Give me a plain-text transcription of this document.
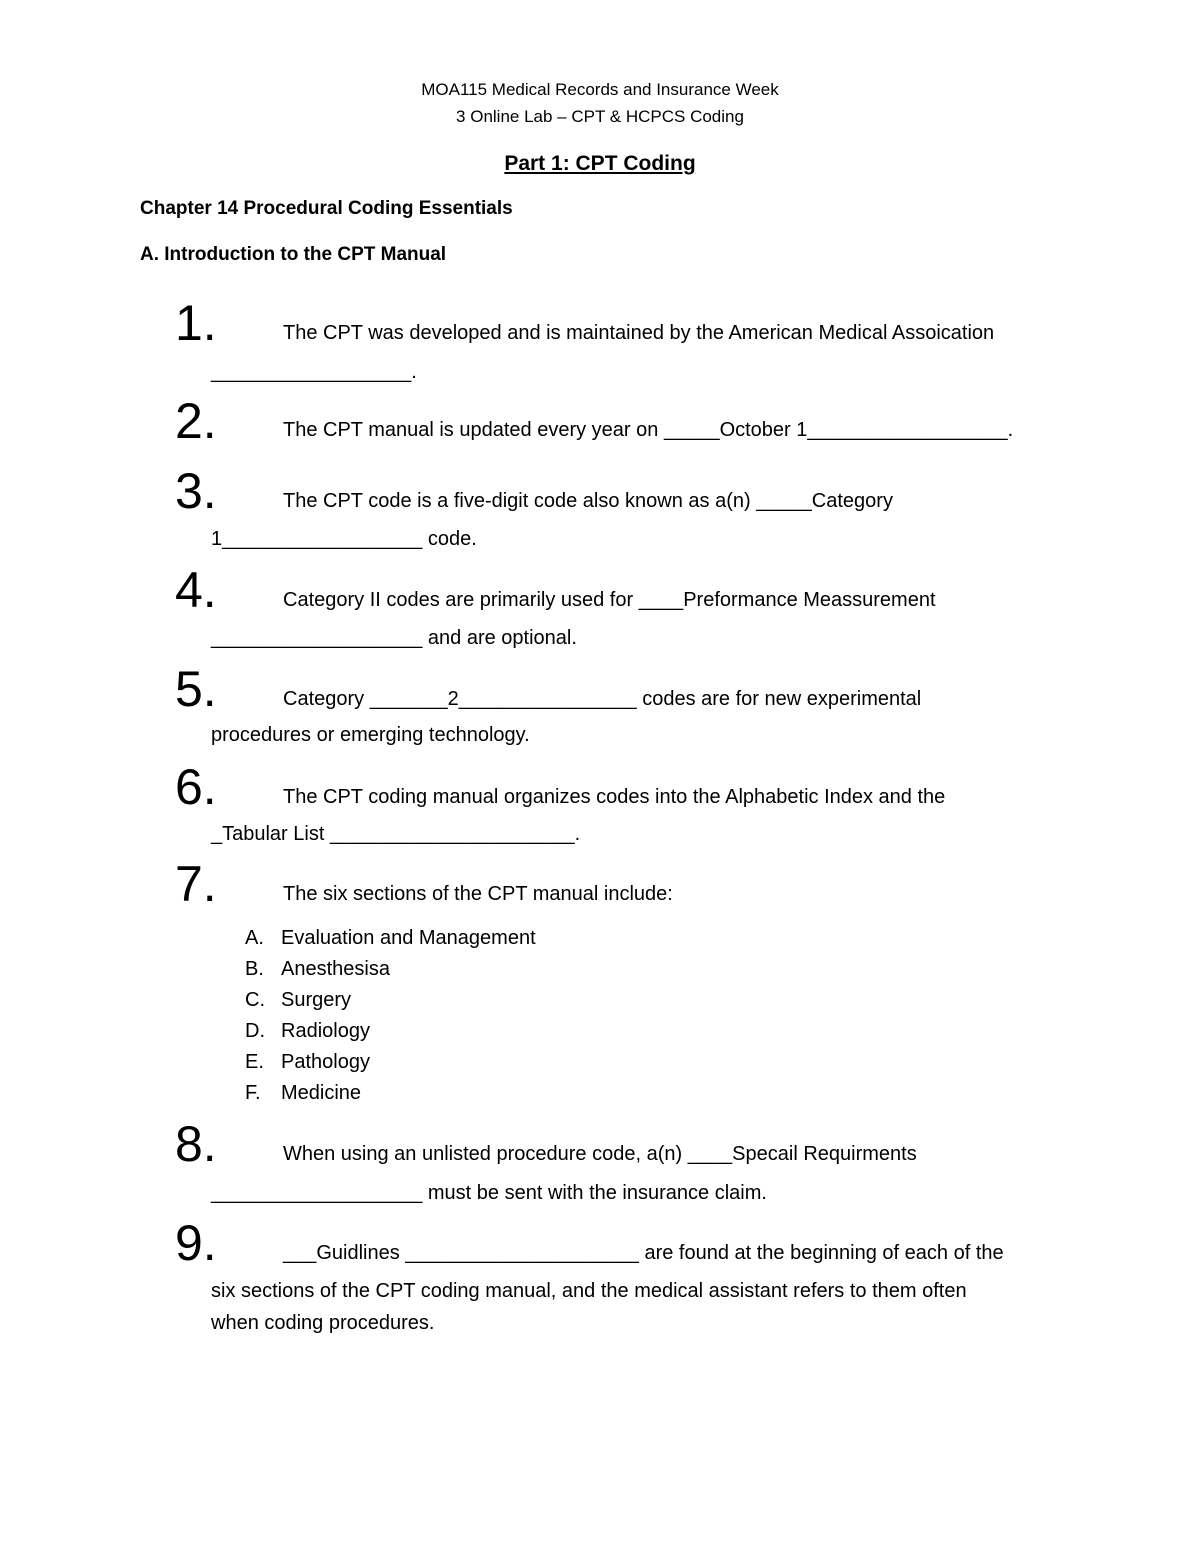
MOA115 Medical Records and Insurance Week
3 Online Lab – CPT & HCPCS Coding
Part 1: CPT Coding
Chapter 14 Procedural Coding Essentials
A. Introduction to the CPT Manual
1.	The CPT was developed and is maintained by the American Medical Assoication
__________________.
2.	The CPT manual is updated every year on _____October 1__________________.
3.	The CPT code is a five-digit code also known as a(n) _____Category
1__________________ code.
4.	Category II codes are primarily used for ____Preformance Meassurement
___________________ and are optional.
5.	Category _______2________________ codes are for new experimental
procedures or emerging technology.
6.	The CPT coding manual organizes codes into the Alphabetic Index and the
_Tabular List ______________________.
7.	The six sections of the CPT manual include:
A. Evaluation and Management
B. Anesthesisa
C. Surgery
D. Radiology
E. Pathology
F. Medicine
8.	When using an unlisted procedure code, a(n) ____Specail Requirments
___________________ must be sent with the insurance claim.
9.	___Guidlines _____________________ are found at the beginning of each of the
six sections of the CPT coding manual, and the medical assistant refers to them often
when coding procedures.
